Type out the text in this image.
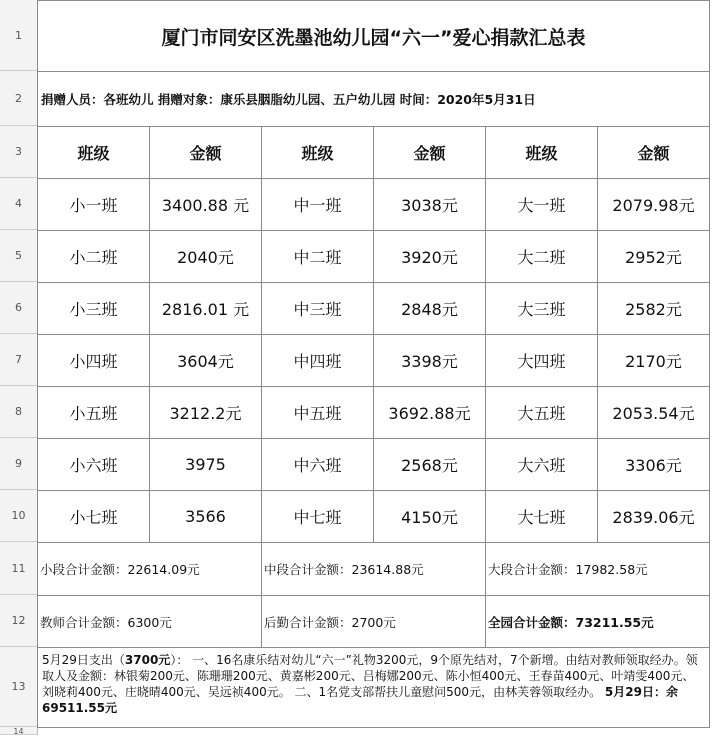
1
2
3
4
5
6
7
8
9
10
11
12
13
14
厦门市同安区洗墨池幼儿园“六一”爱心捐款汇总表					
捐赠人员：各班幼儿 捐赠对象：康乐县胭脂幼儿园、五户幼儿园 时间：2020年5月31日					
班级	金额	班级	金额	班级	金额
小一班	3400.88 元	中一班	3038元	大一班	2079.98元
小二班	2040元	中二班	3920元	大二班	2952元
小三班	2816.01 元	中三班	2848元	大三班	2582元
小四班	3604元	中四班	3398元	大四班	2170元
小五班	3212.2元	中五班	3692.88元	大五班	2053.54元
小六班	3975	中六班	2568元	大六班	3306元
小七班	3566	中七班	4150元	大七班	2839.06元
小段合计金额：22614.09元		中段合计金额：23614.88元		大段合计金额：17982.58元	
教师合计金额：6300元		后勤合计金额：2700元		全园合计金额：73211.55元	
5月29日支出（3700元）： 一、16名康乐结对幼儿“六一”礼物3200元，9个原先结对，7个新增。由结对教师领取经办。领取人及金额：林银菊200元、陈珊珊200元、黄嘉彬200元、吕梅娜200元、陈小恒400元、王春苗400元、叶靖雯400元、刘晓莉400元、庄晓晴400元、吴远祯400元。 二、1名党支部帮扶儿童慰问500元，由林芙蓉领取经办。 5月29日：余69511.55元					
